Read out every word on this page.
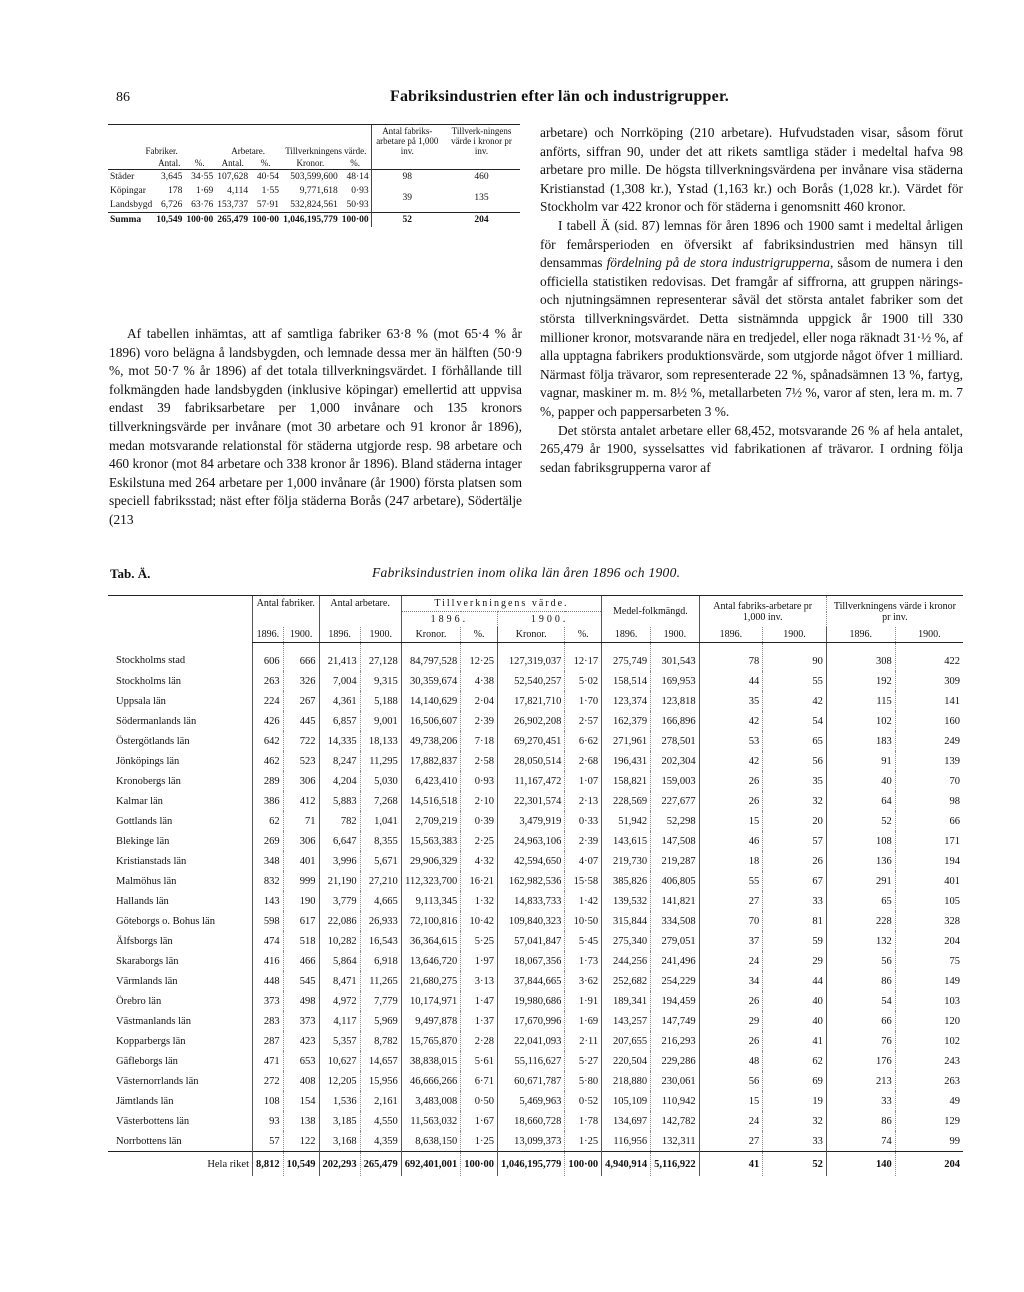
86	Fabriksindustrien efter län och industrigrupper.
Fabriker.			Arbetare.		Tillverkningens värde.		Antal fabriks-arbetare på 1,000 inv.	Tillverk-ningens värde i kronor pr inv.
	Antal.	%.	Antal.	%.	Kronor.	%.		
Städer	3,645	34·55	107,628	40·54	503,599,600	48·14	98	460
Köpingar	178	1·69	4,114	1·55	9,771,618	0·93	39	135
Landsbygd	6,726	63·76	153,737	57·91	532,824,561	50·93		
Summa	10,549	100·00	265,479	100·00	1,046,195,779	100·00	52	204

Af tabellen inhämtas, att af samtliga fabriker 63·8 % (mot 65·4 % år 1896) voro belägna å landsbygden, och lemnade dessa mer än hälften (50·9 %, mot 50·7 % år 1896) af det totala tillverkningsvärdet. I förhållande till folkmängden hade landsbygden (inklusive köpingar) emellertid att uppvisa endast 39 fabriksarbetare per 1,000 invånare och 135 kronors tillverkningsvärde per invånare (mot 30 arbetare och 91 kronor år 1896), medan motsvarande relationstal för städerna utgjorde resp. 98 arbetare och 460 kronor (mot 84 arbetare och 338 kronor år 1896). Bland städerna intager Eskilstuna med 264 arbetare per 1,000 invånare (år 1900) första platsen som speciell fabriksstad; näst efter följa städerna Borås (247 arbetare), Södertälje (213

arbetare) och Norrköping (210 arbetare). Hufvudstaden visar, såsom förut anförts, siffran 90, under det att rikets samtliga städer i medeltal hafva 98 arbetare pro mille. De högsta tillverkningsvärdena per invånare visa städerna Kristianstad (1,308 kr.), Ystad (1,163 kr.) och Borås (1,028 kr.). Värdet för Stockholm var 422 kronor och för städerna i genomsnitt 460 kronor.

I tabell Ä (sid. 87) lemnas för åren 1896 och 1900 samt i medeltal årligen för femårsperioden en öfversikt af fabriksindustrien med hänsyn till densammas fördelning på de stora industrigrupperna, såsom de numera i den officiella statistiken redovisas. Det framgår af siffrorna, att gruppen närings- och njutningsämnen representerar såväl det största antalet fabriker som det största tillverkningsvärdet. Detta sistnämnda uppgick år 1900 till 330 millioner kronor, motsvarande nära en tredjedel, eller noga räknadt 31·½ %, af alla upptagna fabrikers produktionsvärde, som utgjorde något öfver 1 milliard. Närmast följa trävaror, som representerade 22 %, spånadsämnen 13 %, fartyg, vagnar, maskiner m. m. 8½ %, metallarbeten 7½ %, varor af sten, lera m. m. 7 %, papper och pappersarbeten 3 %.

Det största antalet arbetare eller 68,452, motsvarande 26 % af hela antalet, 265,479 år 1900, sysselsattes vid fabrikationen af trävaror. I ordning följa sedan fabriksgrupperna varor af

Tab. Ä.	Fabriksindustrien inom olika län åren 1896 och 1900.
	Antal fabriker.		Antal arbetare.		Tillverkningens värde.				Medel-folkmängd.		Antal fabriks-arbetare pr 1,000 inv.		Tillverkningens värde i kronor pr inv.	
					1896.		1900.							
	1896.	1900.	1896.	1900.	Kronor.	%.	Kronor.	%.	1896.	1900.	1896.	1900.	1896.	1900.
Stockholms stad	606	666	21,413	27,128	84,797,528	12·25	127,319,037	12·17	275,749	301,543	78	90	308	422
Stockholms län	263	326	7,004	9,315	30,359,674	4·38	52,540,257	5·02	158,514	169,953	44	55	192	309
Uppsala län	224	267	4,361	5,188	14,140,629	2·04	17,821,710	1·70	123,374	123,818	35	42	115	141
Södermanlands län	426	445	6,857	9,001	16,506,607	2·39	26,902,208	2·57	162,379	166,896	42	54	102	160
Östergötlands län	642	722	14,335	18,133	49,738,206	7·18	69,270,451	6·62	271,961	278,501	53	65	183	249
Jönköpings län	462	523	8,247	11,295	17,882,837	2·58	28,050,514	2·68	196,431	202,304	42	56	91	139
Kronobergs län	289	306	4,204	5,030	6,423,410	0·93	11,167,472	1·07	158,821	159,003	26	35	40	70
Kalmar län	386	412	5,883	7,268	14,516,518	2·10	22,301,574	2·13	228,569	227,677	26	32	64	98
Gottlands län	62	71	782	1,041	2,709,219	0·39	3,479,919	0·33	51,942	52,298	15	20	52	66
Blekinge län	269	306	6,647	8,355	15,563,383	2·25	24,963,106	2·39	143,615	147,508	46	57	108	171
Kristianstads län	348	401	3,996	5,671	29,906,329	4·32	42,594,650	4·07	219,730	219,287	18	26	136	194
Malmöhus län	832	999	21,190	27,210	112,323,700	16·21	162,982,536	15·58	385,826	406,805	55	67	291	401
Hallands län	143	190	3,779	4,665	9,113,345	1·32	14,833,733	1·42	139,532	141,821	27	33	65	105
Göteborgs o. Bohus län	598	617	22,086	26,933	72,100,816	10·42	109,840,323	10·50	315,844	334,508	70	81	228	328
Älfsborgs län	474	518	10,282	16,543	36,364,615	5·25	57,041,847	5·45	275,340	279,051	37	59	132	204
Skaraborgs län	416	466	5,864	6,918	13,646,720	1·97	18,067,356	1·73	244,256	241,496	24	29	56	75
Värmlands län	448	545	8,471	11,265	21,680,275	3·13	37,844,665	3·62	252,682	254,229	34	44	86	149
Örebro län	373	498	4,972	7,779	10,174,971	1·47	19,980,686	1·91	189,341	194,459	26	40	54	103
Västmanlands län	283	373	4,117	5,969	9,497,878	1·37	17,670,996	1·69	143,257	147,749	29	40	66	120
Kopparbergs län	287	423	5,357	8,782	15,765,870	2·28	22,041,093	2·11	207,655	216,293	26	41	76	102
Gäfleborgs län	471	653	10,627	14,657	38,838,015	5·61	55,116,627	5·27	220,504	229,286	48	62	176	243
Västernorrlands län	272	408	12,205	15,956	46,666,266	6·71	60,671,787	5·80	218,880	230,061	56	69	213	263
Jämtlands län	108	154	1,536	2,161	3,483,008	0·50	5,469,963	0·52	105,109	110,942	15	19	33	49
Västerbottens län	93	138	3,185	4,550	11,563,032	1·67	18,660,728	1·78	134,697	142,782	24	32	86	129
Norrbottens län	57	122	3,168	4,359	8,638,150	1·25	13,099,373	1·25	116,956	132,311	27	33	74	99
Hela riket	8,812	10,549	202,293	265,479	692,401,001	100·00	1,046,195,779	100·00	4,940,914	5,116,922	41	52	140	204
